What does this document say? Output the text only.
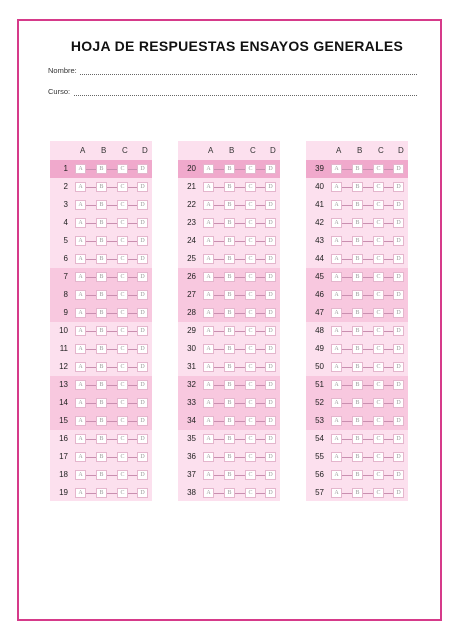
HOJA DE RESPUESTAS ENSAYOS GENERALES
Nombre:
Curso:
A B C D
1	A	B	C	D
2	A	B	C	D
3	A	B	C	D
4	A	B	C	D
5	A	B	C	D
6	A	B	C	D
7	A	B	C	D
8	A	B	C	D
9	A	B	C	D
10	A	B	C	D
11	A	B	C	D
12	A	B	C	D
13	A	B	C	D
14	A	B	C	D
15	A	B	C	D
16	A	B	C	D
17	A	B	C	D
18	A	B	C	D
19	A	B	C	D
A B C D
20	A	B	C	D
21	A	B	C	D
22	A	B	C	D
23	A	B	C	D
24	A	B	C	D
25	A	B	C	D
26	A	B	C	D
27	A	B	C	D
28	A	B	C	D
29	A	B	C	D
30	A	B	C	D
31	A	B	C	D
32	A	B	C	D
33	A	B	C	D
34	A	B	C	D
35	A	B	C	D
36	A	B	C	D
37	A	B	C	D
38	A	B	C	D
A B C D
39	A	B	C	D
40	A	B	C	D
41	A	B	C	D
42	A	B	C	D
43	A	B	C	D
44	A	B	C	D
45	A	B	C	D
46	A	B	C	D
47	A	B	C	D
48	A	B	C	D
49	A	B	C	D
50	A	B	C	D
51	A	B	C	D
52	A	B	C	D
53	A	B	C	D
54	A	B	C	D
55	A	B	C	D
56	A	B	C	D
57	A	B	C	D
